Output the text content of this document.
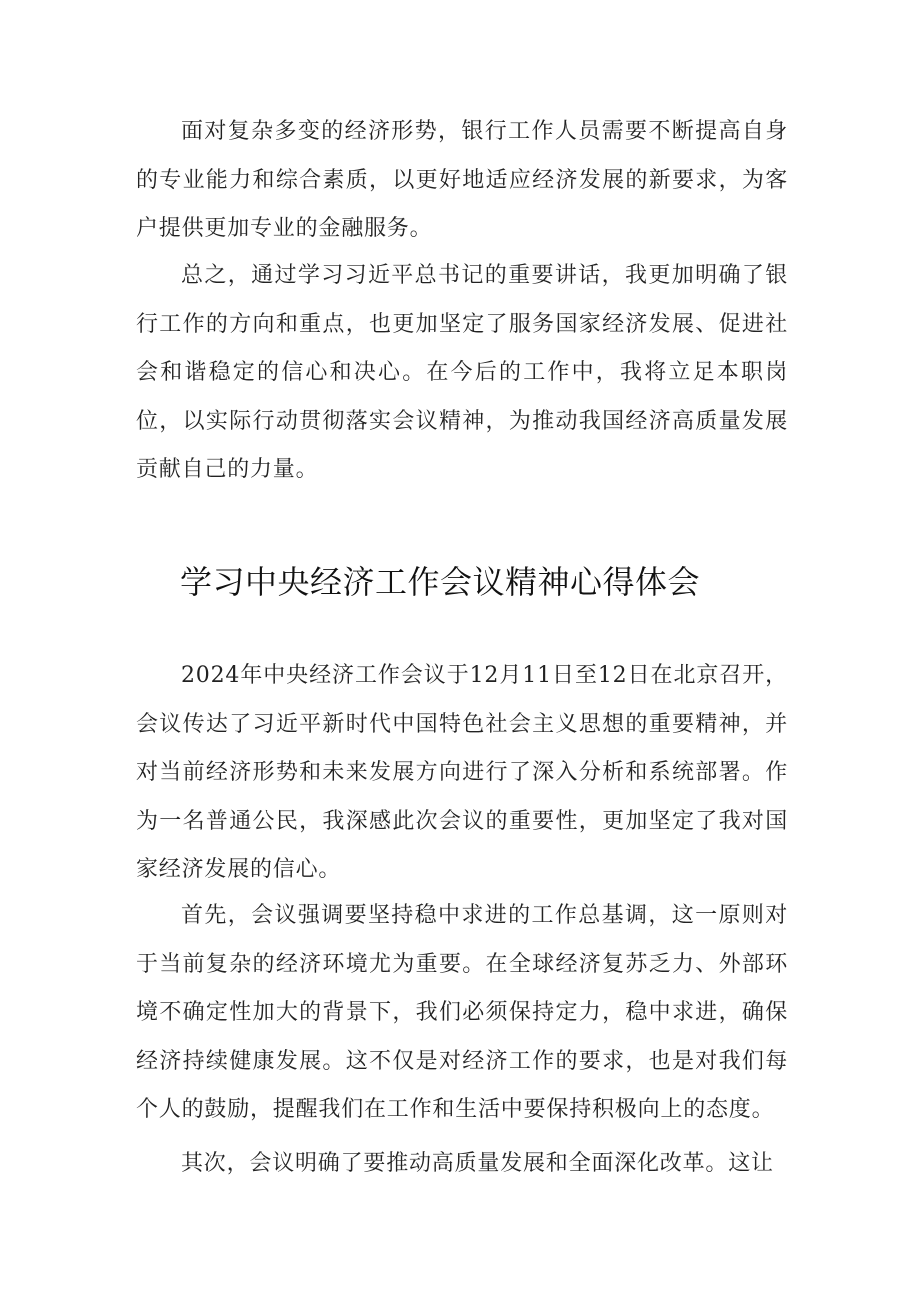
面对复杂多变的经济形势，银行工作人员需要不断提高自身的专业能力和综合素质，以更好地适应经济发展的新要求，为客户提供更加专业的金融服务。

总之，通过学习习近平总书记的重要讲话，我更加明确了银行工作的方向和重点，也更加坚定了服务国家经济发展、促进社会和谐稳定的信心和决心。在今后的工作中，我将立足本职岗位，以实际行动贯彻落实会议精神，为推动我国经济高质量发展贡献自己的力量。

学习中央经济工作会议精神心得体会

2024年中央经济工作会议于12月11日至12日在北京召开，会议传达了习近平新时代中国特色社会主义思想的重要精神，并对当前经济形势和未来发展方向进行了深入分析和系统部署。作为一名普通公民，我深感此次会议的重要性，更加坚定了我对国家经济发展的信心。

首先，会议强调要坚持稳中求进的工作总基调，这一原则对于当前复杂的经济环境尤为重要。在全球经济复苏乏力、外部环境不确定性加大的背景下，我们必须保持定力，稳中求进，确保经济持续健康发展。这不仅是对经济工作的要求，也是对我们每个人的鼓励，提醒我们在工作和生活中要保持积极向上的态度。

其次，会议明确了要推动高质量发展和全面深化改革。这让
